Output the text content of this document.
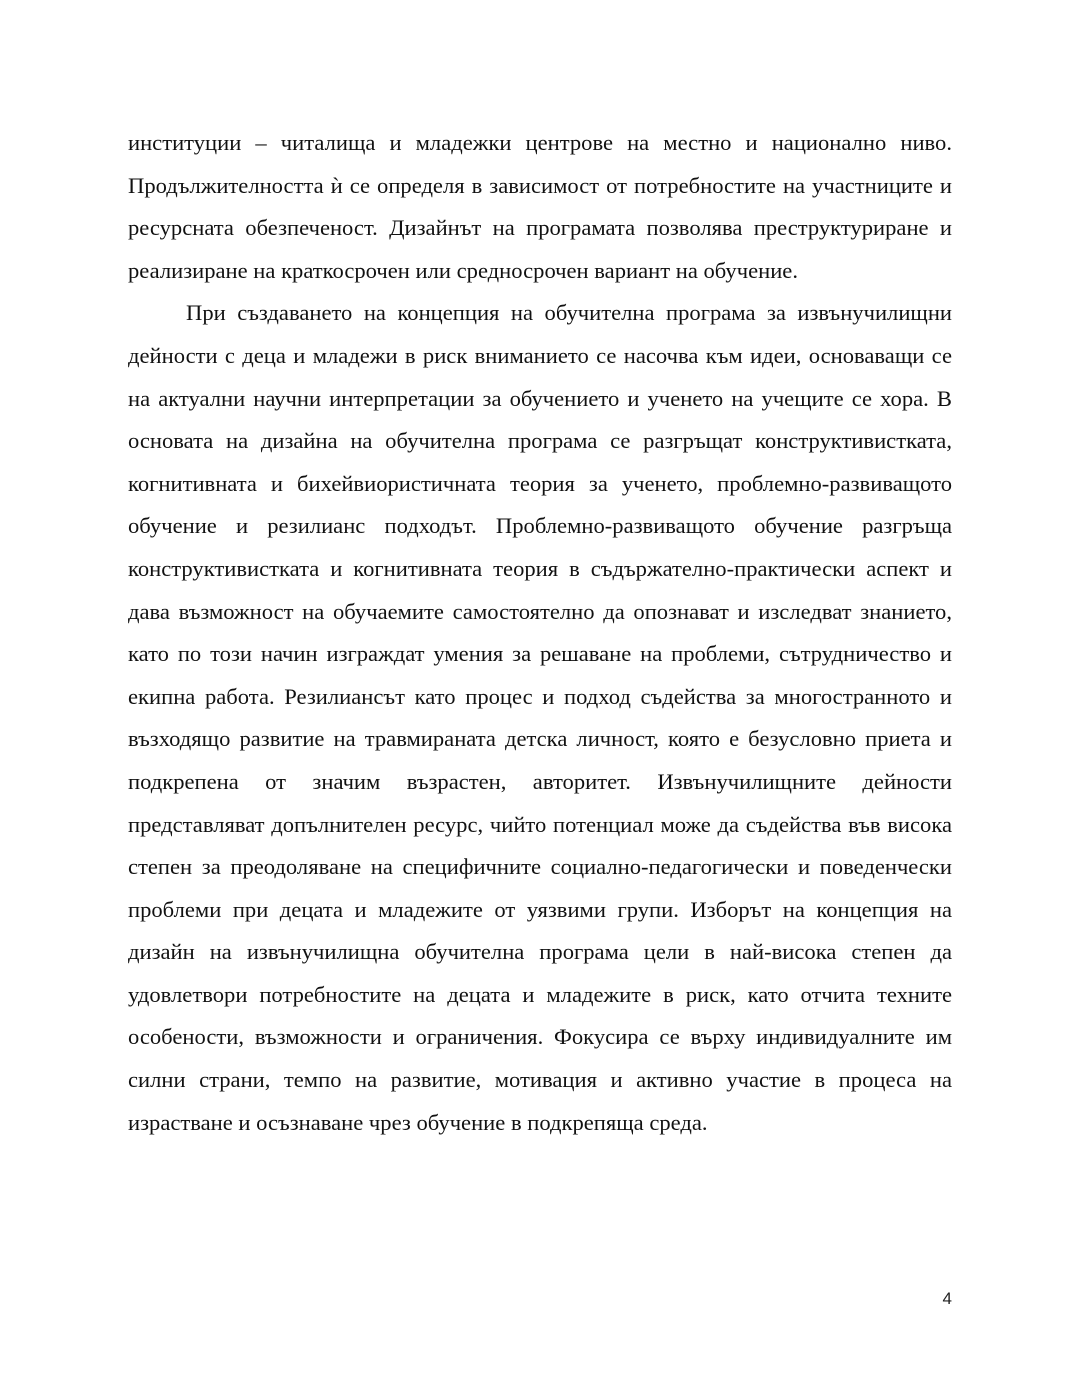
институции – читалища и младежки центрове на местно и национално ниво. Продължителността ѝ се определя в зависимост от потребностите на участниците и ресурсната обезпеченост. Дизайнът на програмата позволява преструктуриране и реализиране на краткосрочен или средносрочен вариант на обучение.

При създаването на концепция на обучителна програма за извънучилищни дейности с деца и младежи в риск вниманието се насочва към идеи, основаващи се на актуални научни интерпретации за обучението и ученето на учещите се хора. В основата на дизайна на обучителна програма се разгръщат конструктивистката, когнитивната и бихейвиористичната теория за ученето, проблемно-развиващото обучение и резилианс подходът. Проблемно-развиващото обучение разгръща конструктивистката и когнитивната теория в съдържателно-практически аспект и дава възможност на обучаемите самостоятелно да опознават и изследват знанието, като по този начин изграждат умения за решаване на проблеми, сътрудничество и екипна работа. Резилиансът като процес и подход съдейства за многостранното и възходящо развитие на травмираната детска личност, която е безусловно приета и подкрепена от значим възрастен, авторитет. Извънучилищните дейности представляват допълнителен ресурс, чийто потенциал може да съдейства във висока степен за преодоляване на специфичните социално-педагогически и поведенчески проблеми при децата и младежите от уязвими групи. Изборът на концепция на дизайн на извънучилищна обучителна програма цели в най-висока степен да удовлетвори потребностите на децата и младежите в риск, като отчита техните особености, възможности и ограничения. Фокусира се върху индивидуалните им силни страни, темпо на развитие, мотивация и активно участие в процеса на израстване и осъзнаване чрез обучение в подкрепяща среда.

4
